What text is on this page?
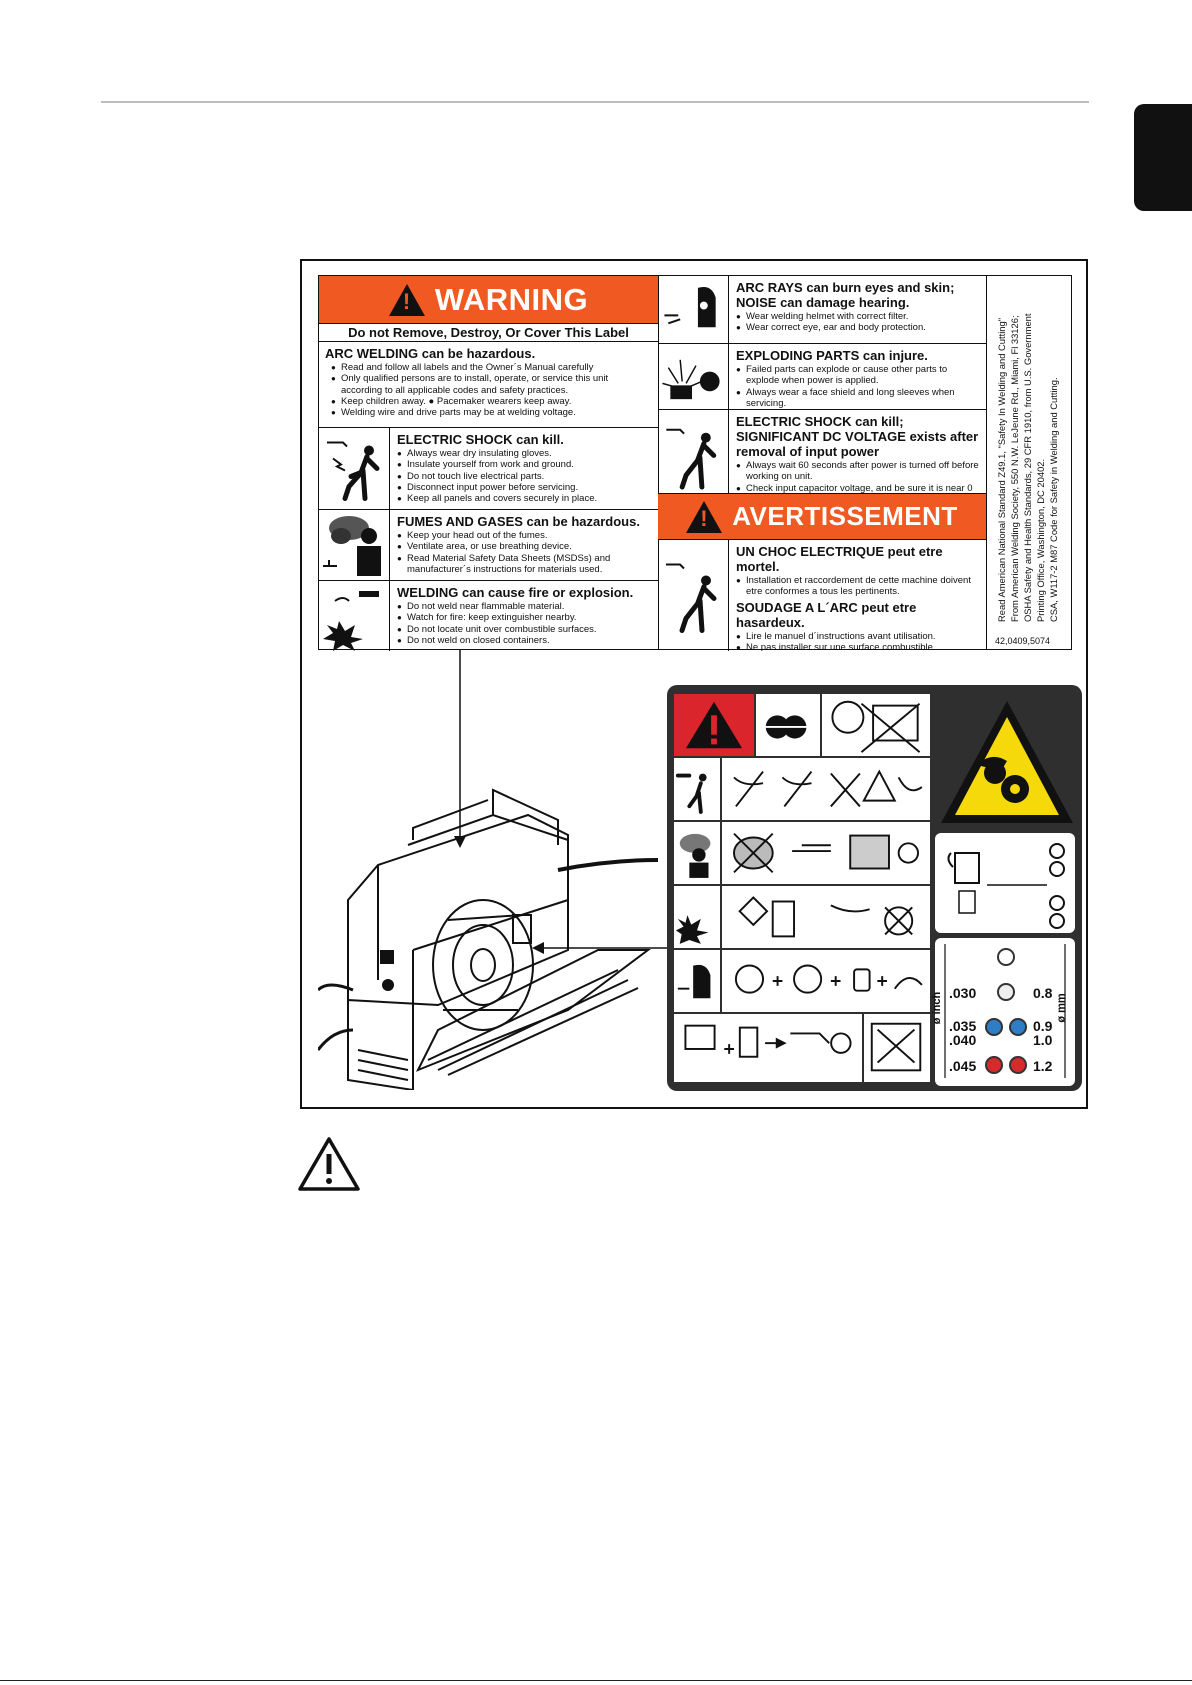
!
WARNING
Do not Remove, Destroy, Or Cover This Label
ARC WELDING can be hazardous.
● Read and follow all labels and the Owner´s Manual carefully
● Only qualified persons are to install, operate, or service this unit according to all applicable codes and safety practices.
● Keep children away. ● Pacemaker wearers keep away.
● Welding wire and drive parts may be at welding voltage.
ELECTRIC SHOCK can kill.
● Always wear dry insulating gloves.
● Insulate yourself from work and ground.
● Do not touch live electrical parts.
● Disconnect input power before servicing.
● Keep all panels and covers securely in place.
FUMES AND GASES can be hazardous.
● Keep your head out of the fumes.
● Ventilate area, or use breathing device.
● Read Material Safety Data Sheets (MSDSs) and manufacturer´s instructions for materials used.
WELDING can cause fire or explosion.
● Do not weld near flammable material.
● Watch for fire: keep extinguisher nearby.
● Do not locate unit over combustible surfaces.
● Do not weld on closed containers.
ARC RAYS can burn eyes and skin; NOISE can damage hearing.
● Wear welding helmet with correct filter.
● Wear correct eye, ear and body protection.
EXPLODING PARTS can injure.
● Failed parts can explode or cause other parts to explode when power is applied.
● Always wear a face shield and long sleeves when servicing.
ELECTRIC SHOCK can kill; SIGNIFICANT DC VOLTAGE exists after removal of input power
● Always wait 60 seconds after power is turned off before working on unit.
● Check input capacitor voltage, and be sure it is near 0
!
AVERTISSEMENT
UN CHOC ELECTRIQUE peut etre mortel.
● Installation et raccordement de cette machine doivent etre conformes a tous les pertinents.
SOUDAGE A L´ARC peut etre hasardeux.
● Lire le manuel d´instructions avant utilisation.
● Ne pas installer sur une surface combustible.
Read American National Standard Z49.1, "Safety In Welding and Cutting" From American Welding Society, 550 N.W. LeJeune Rd., Miami, Fl 33126; OSHA Safety and Health Standards, 29 CFR 1910, from U.S. Government Printing Office, Washington, DC 20402. CSA, W117-2 M87 Code for Safety in Welding and Cutting.
42,0409,5074
.030
.035
.040
.045
0.8
0.9
1.0
1.2
ø inch	ø mm
